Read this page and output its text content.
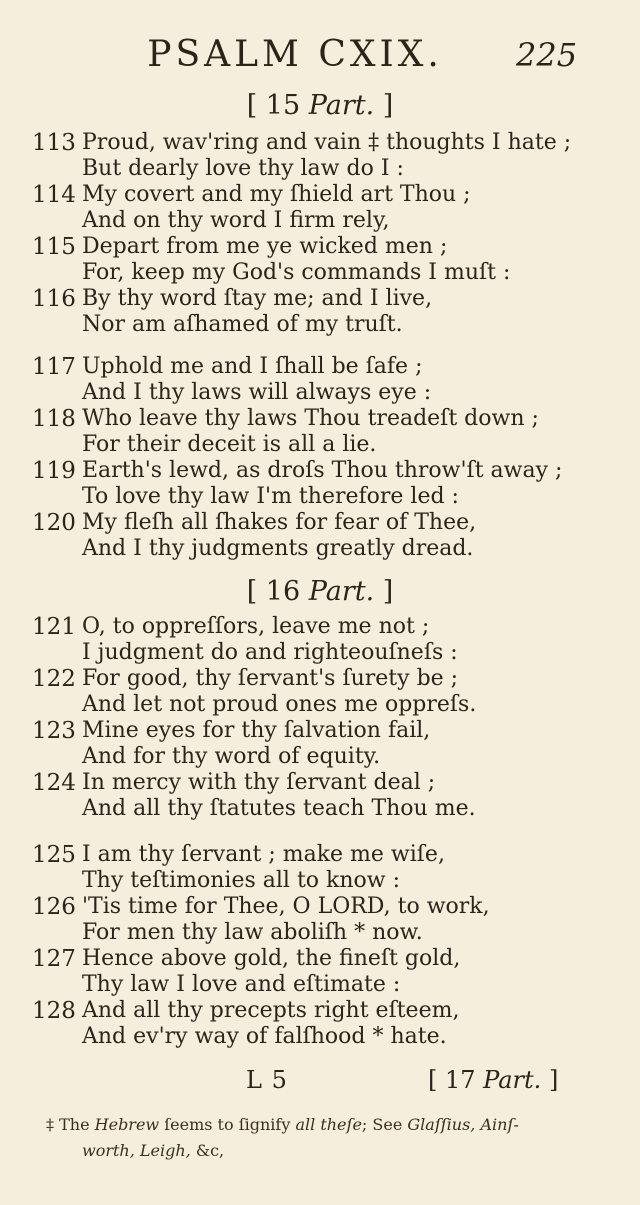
PSALM CXIX.	225
[ 15 Part. ]
113 Proud, wav'ring and vain ‡ thoughts I hate ;
But dearly love thy law do I :
114 My covert and my ſhield art Thou ;
And on thy word I firm rely,
115 Depart from me ye wicked men ;
For, keep my God's commands I muſt :
116 By thy word ſtay me; and I live,
Nor am aſhamed of my truſt.
117 Uphold me and I ſhall be ſafe ;
And I thy laws will always eye :
118 Who leave thy laws Thou treadeſt down ;
For their deceit is all a lie.
119 Earth's lewd, as droſs Thou throw'ſt away ;
To love thy law I'm therefore led :
120 My fleſh all ſhakes for fear of Thee,
And I thy judgments greatly dread.
[ 16 Part. ]
121 O, to oppreſſors, leave me not ;
I judgment do and righteouſneſs :
122 For good, thy ſervant's ſurety be ;
And let not proud ones me oppreſs.
123 Mine eyes for thy ſalvation fail,
And for thy word of equity.
124 In mercy with thy ſervant deal ;
And all thy ſtatutes teach Thou me.
125 I am thy ſervant ; make me wiſe,
Thy teſtimonies all to know :
126 'Tis time for Thee, O LORD, to work,
For men thy law aboliſh * now.
127 Hence above gold, the fineſt gold,
Thy law I love and eſtimate :
128 And all thy precepts right eſteem,
And ev'ry way of falſhood * hate.
L 5	[ 17 Part. ]
‡ The Hebrew ſeems to ſignify all theſe; See Glaſſius, Ainſ-
worth, Leigh, &c,
